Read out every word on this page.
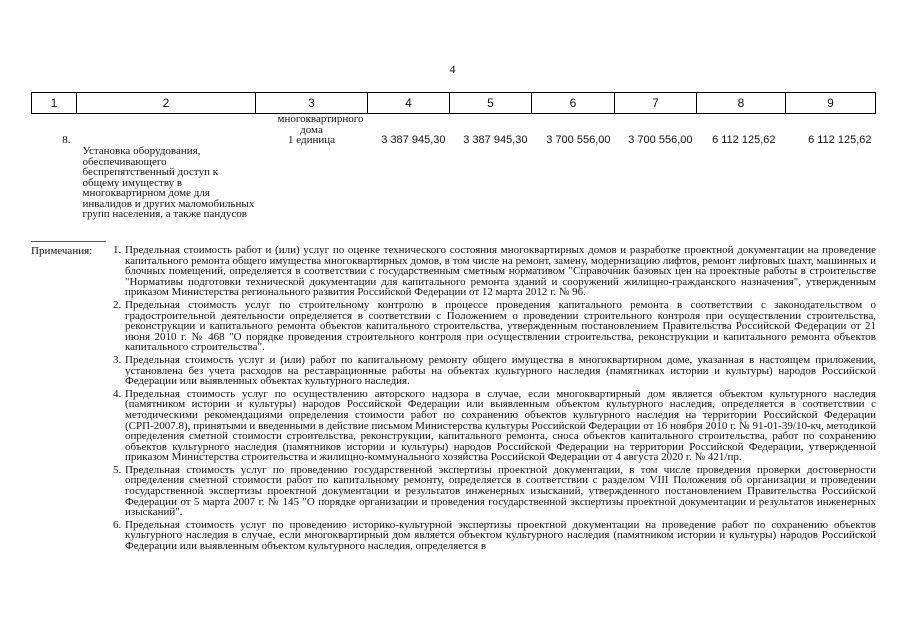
4
1	2	3	4	5	6	7	8	9
		многоквартирного дома						
8.	Установка оборудования, обеспечивающего беспрепятственный доступ к общему имуществу в многоквартирном доме для инвалидов и других маломобильных групп населения, а также пандусов	1 единица	3 387 945,30	3 387 945,30	3 700 556,00	3 700 556,00	6 112 125,62	6 112 125,62
Примечания:	1. Предельная стоимость работ и (или) услуг по оценке технического состояния многоквартирных домов и разработке проектной документации на проведение капитального ремонта общего имущества многоквартирных домов, в том числе на ремонт, замену, модернизацию лифтов, ремонт лифтовых шахт, машинных и блочных помещений, определяется в соответствии с государственным сметным нормативом "Справочник базовых цен на проектные работы в строительстве "Нормативы подготовки технической документации для капитального ремонта зданий и сооружений жилищно-гражданского назначения", утвержденным приказом Министерства регионального развития Российской Федерации от 12 марта 2012 г. № 96.
2. Предельная стоимость услуг по строительному контролю в процессе проведения капитального ремонта в соответствии с законодательством о градостроительной деятельности определяется в соответствии с Положением о проведении строительного контроля при осуществлении строительства, реконструкции и капитального ремонта объектов капитального строительства, утвержденным постановлением Правительства Российской Федерации от 21 июня 2010 г. № 468 "О порядке проведения строительного контроля при осуществлении строительства, реконструкции и капитального ремонта объектов капитального строительства".
3. Предельная стоимость услуг и (или) работ по капитальному ремонту общего имущества в многоквартирном доме, указанная в настоящем приложении, установлена без учета расходов на реставрационные работы на объектах культурного наследия (памятниках истории и культуры) народов Российской Федерации или выявленных объектах культурного наследия.
4. Предельная стоимость услуг по осуществлению авторского надзора в случае, если многоквартирный дом является объектом культурного наследия (памятником истории и культуры) народов Российской Федерации или выявленным объектом культурного наследия, определяется в соответствии с методическими рекомендациями определения стоимости работ по сохранению объектов культурного наследия на территории Российской Федерации (СРП-2007.8), принятыми и введенными в действие письмом Министерства культуры Российской Федерации от 16 ноября 2010 г. № 91-01-39/10-кч, методикой определения сметной стоимости строительства, реконструкции, капитального ремонта, сноса объектов капитального строительства, работ по сохранению объектов культурного наследия (памятников истории и культуры) народов Российской Федерации на территории Российской Федерации, утвержденной приказом Министерства строительства и жилищно-коммунального хозяйства Российской Федерации от 4 августа 2020 г. № 421/пр.
5. Предельная стоимость услуг по проведению государственной экспертизы проектной документации, в том числе проведения проверки достоверности определения сметной стоимости работ по капитальному ремонту, определяется в соответствии с разделом VIII Положения об организации и проведении государственной экспертизы проектной документации и результатов инженерных изысканий, утвержденного постановлением Правительства Российской Федерации от 5 марта 2007 г. № 145 "О порядке организации и проведения государственной экспертизы проектной документации и результатов инженерных изысканий".
6. Предельная стоимость услуг по проведению историко-культурной экспертизы проектной документации на проведение работ по сохранению объектов культурного наследия в случае, если многоквартирный дом является объектом культурного наследия (памятником истории и культуры) народов Российской Федерации или выявленным объектом культурного наследия, определяется в
